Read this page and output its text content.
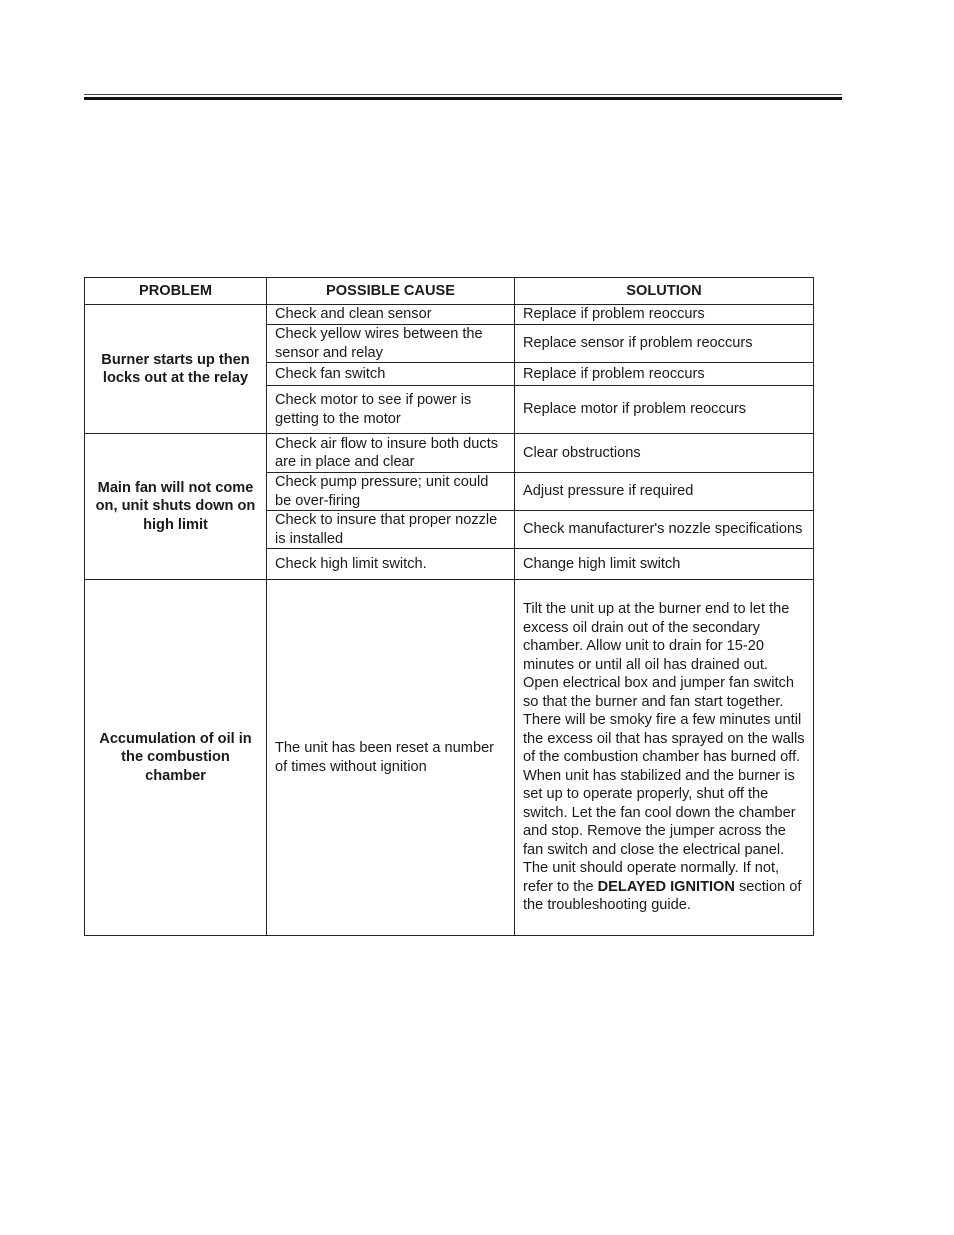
PROBLEM	POSSIBLE CAUSE	SOLUTION
Burner starts up then locks out at the relay	Check and clean sensor	Replace if problem reoccurs
	Check yellow wires between the sensor and relay	Replace sensor if problem reoccurs
	Check fan switch	Replace if problem reoccurs
	Check motor to see if power is getting to the motor	Replace motor if problem reoccurs
Main fan will not come on, unit shuts down on high limit	Check air flow to insure both ducts are in place and clear	Clear obstructions
	Check pump pressure; unit could be over-firing	Adjust pressure if required
	Check to insure that proper nozzle is installed	Check manufacturer's nozzle specifications
	Check high limit switch.	Change high limit switch
Accumulation of oil in the combustion chamber	The unit has been reset a number of times without ignition	Tilt the unit up at the burner end to let the excess oil drain out of the secondary chamber. Allow unit to drain for 15-20 minutes or until all oil has drained out. Open electrical box and jumper fan switch so that the burner and fan start together. There will be smoky fire a few minutes until the excess oil that has sprayed on the walls of the combustion chamber has burned off. When unit has stabilized and the burner is set up to operate properly, shut off the switch. Let the fan cool down the chamber and stop. Remove the jumper across the fan switch and close the electrical panel. The unit should operate normally. If not, refer to the DELAYED IGNITION section of the troubleshooting guide.
